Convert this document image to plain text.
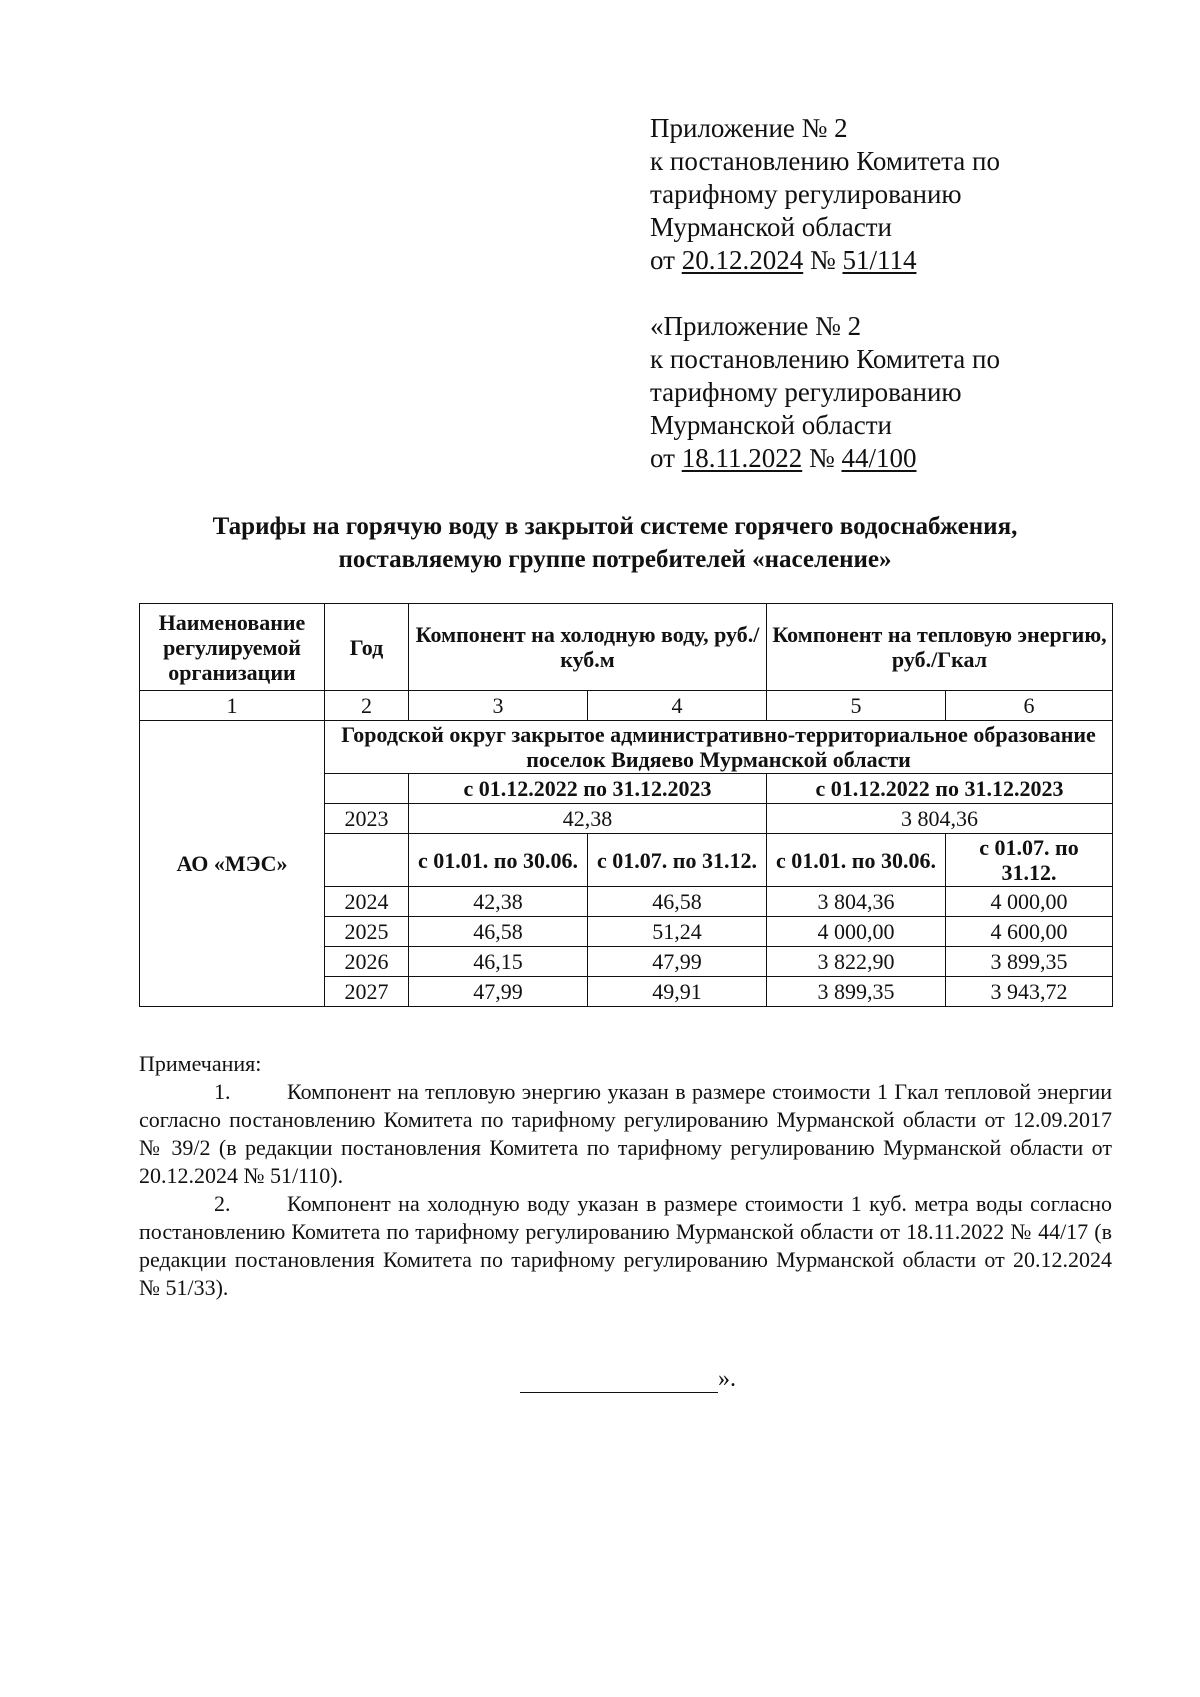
Приложение № 2
к постановлению Комитета по
тарифному регулированию
Мурманской области
от 20.12.2024 № 51/114
«Приложение № 2
к постановлению Комитета по
тарифному регулированию
Мурманской области
от 18.11.2022 № 44/100
Тарифы на горячую воду в закрытой системе горячего водоснабжения,
поставляемую группе потребителей «население»
Наименование регулируемой организации	Год	Компонент на холодную воду, руб./куб.м		Компонент на тепловую энергию, руб./Гкал	
1	2	3	4	5	6
АО «МЭС»	Городской округ закрытое административно-территориальное образование поселок Видяево Мурманской области				
		с 01.12.2022 по 31.12.2023		с 01.12.2022 по 31.12.2023	
	2023	42,38		3 804,36	
		с 01.01. по 30.06.	с 01.07. по 31.12.	с 01.01. по 30.06.	с 01.07. по 31.12.
	2024	42,38	46,58	3 804,36	4 000,00
	2025	46,58	51,24	4 000,00	4 600,00
	2026	46,15	47,99	3 822,90	3 899,35
	2027	47,99	49,91	3 899,35	3 943,72
Примечания:

1.	Компонент на тепловую энергию указан в размере стоимости 1 Гкал тепловой энергии согласно постановлению Комитета по тарифному регулированию Мурманской области от 12.09.2017 № 39/2 (в редакции постановления Комитета по тарифному регулированию Мурманской области от 20.12.2024 № 51/110).

2.	Компонент на холодную воду указан в размере стоимости 1 куб. метра воды согласно постановлению Комитета по тарифному регулированию Мурманской области от 18.11.2022 № 44/17 (в редакции постановления Комитета по тарифному регулированию Мурманской области от 20.12.2024 № 51/33).

».
